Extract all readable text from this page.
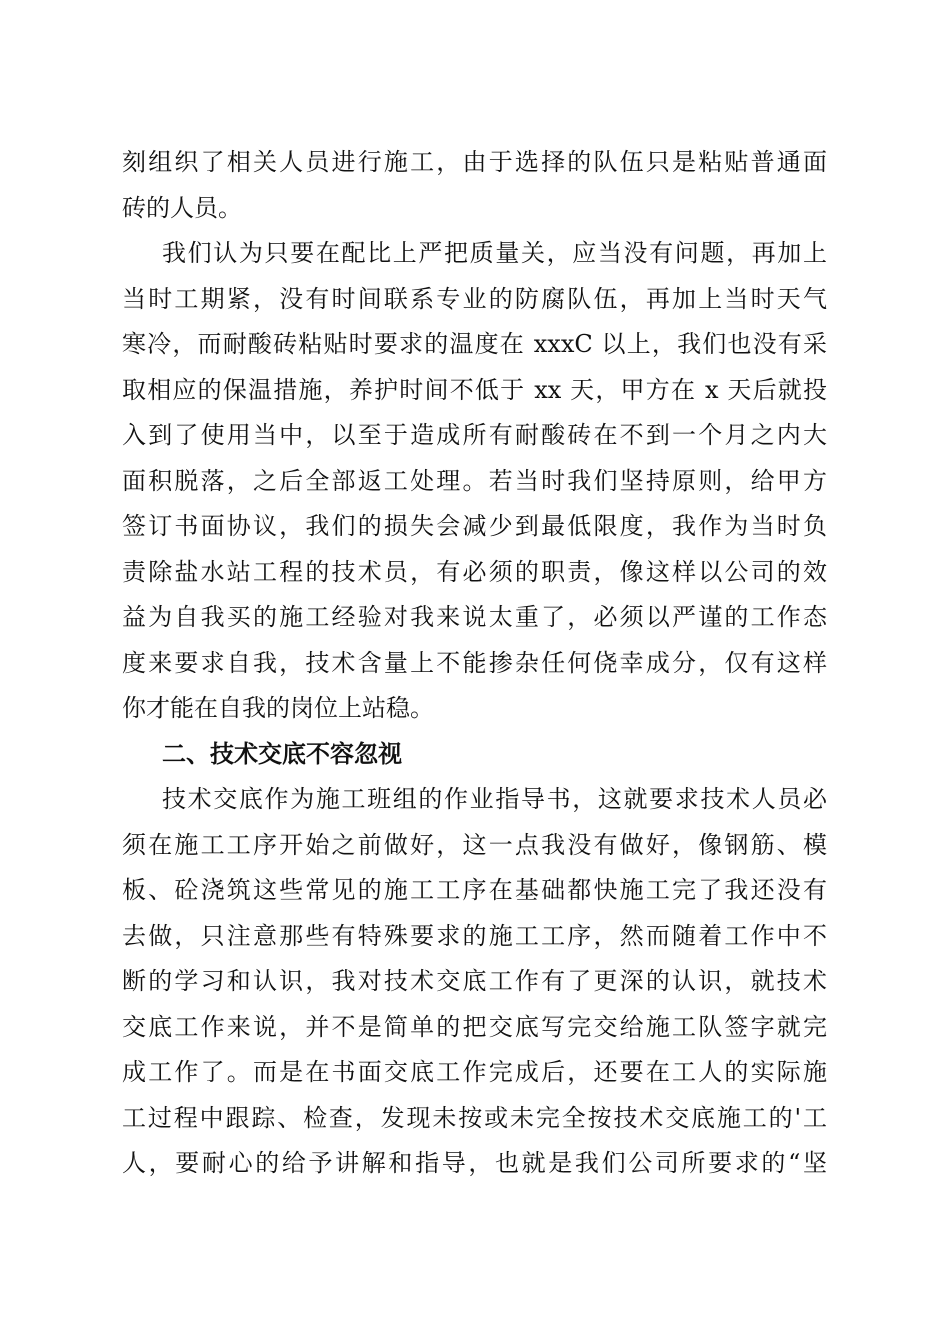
刻组织了相关人员进行施工，由于选择的队伍只是粘贴普通面
砖的人员。
我们认为只要在配比上严把质量关，应当没有问题，再加上
当时工期紧，没有时间联系专业的防腐队伍，再加上当时天气
寒冷，而耐酸砖粘贴时要求的温度在 xxxC 以上，我们也没有采
取相应的保温措施，养护时间不低于 xx 天，甲方在 x 天后就投
入到了使用当中，以至于造成所有耐酸砖在不到一个月之内大
面积脱落，之后全部返工处理。若当时我们坚持原则，给甲方
签订书面协议，我们的损失会减少到最低限度，我作为当时负
责除盐水站工程的技术员，有必须的职责，像这样以公司的效
益为自我买的施工经验对我来说太重了，必须以严谨的工作态
度来要求自我，技术含量上不能掺杂任何侥幸成分，仅有这样
你才能在自我的岗位上站稳。
二、技术交底不容忽视
技术交底作为施工班组的作业指导书，这就要求技术人员必
须在施工工序开始之前做好，这一点我没有做好，像钢筋、模
板、砼浇筑这些常见的施工工序在基础都快施工完了我还没有
去做，只注意那些有特殊要求的施工工序，然而随着工作中不
断的学习和认识，我对技术交底工作有了更深的认识，就技术
交底工作来说，并不是简单的把交底写完交给施工队签字就完
成工作了。而是在书面交底工作完成后，还要在工人的实际施
工过程中跟踪、检查，发现未按或未完全按技术交底施工的'工
人，要耐心的给予讲解和指导，也就是我们公司所要求的“坚
